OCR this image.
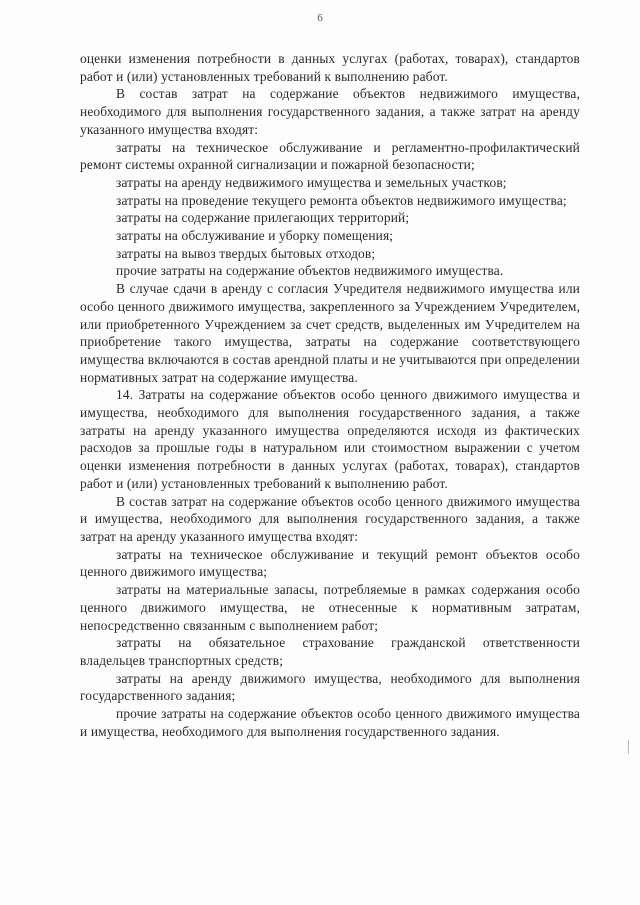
6

оценки изменения потребности в данных услугах (работах, товарах), стандартов работ и (или) установленных требований к выполнению работ.

В состав затрат на содержание объектов недвижимого имущества, необходимого для выполнения государственного задания, а также затрат на аренду указанного имущества входят:

затраты на техническое обслуживание и регламентно-профилактический ремонт системы охранной сигнализации и пожарной безопасности;

затраты на аренду недвижимого имущества и земельных участков;

затраты на проведение текущего ремонта объектов недвижимого имущества;

затраты на содержание прилегающих территорий;

затраты на обслуживание и уборку помещения;

затраты на вывоз твердых бытовых отходов;

прочие затраты на содержание объектов недвижимого имущества.

В случае сдачи в аренду с согласия Учредителя недвижимого имущества или особо ценного движимого имущества, закрепленного за Учреждением Учредителем, или приобретенного Учреждением за счет средств, выделенных им Учредителем на приобретение такого имущества, затраты на содержание соответствующего имущества включаются в состав арендной платы и не учитываются при определении нормативных затрат на содержание имущества.

14. Затраты на содержание объектов особо ценного движимого имущества и имущества, необходимого для выполнения государственного задания, а также затраты на аренду указанного имущества определяются исходя из фактических расходов за прошлые годы в натуральном или стоимостном выражении с учетом оценки изменения потребности в данных услугах (работах, товарах), стандартов работ и (или) установленных требований к выполнению работ.

В состав затрат на содержание объектов особо ценного движимого имущества и имущества, необходимого для выполнения государственного задания, а также затрат на аренду указанного имущества входят:

затраты на техническое обслуживание и текущий ремонт объектов особо ценного движимого имущества;

затраты на материальные запасы, потребляемые в рамках содержания особо ценного движимого имущества, не отнесенные к нормативным затратам, непосредственно связанным с выполнением работ;

затраты на обязательное страхование гражданской ответственности владельцев транспортных средств;

затраты на аренду движимого имущества, необходимого для выполнения государственного задания;

прочие затраты на содержание объектов особо ценного движимого имущества и имущества, необходимого для выполнения государственного задания.
